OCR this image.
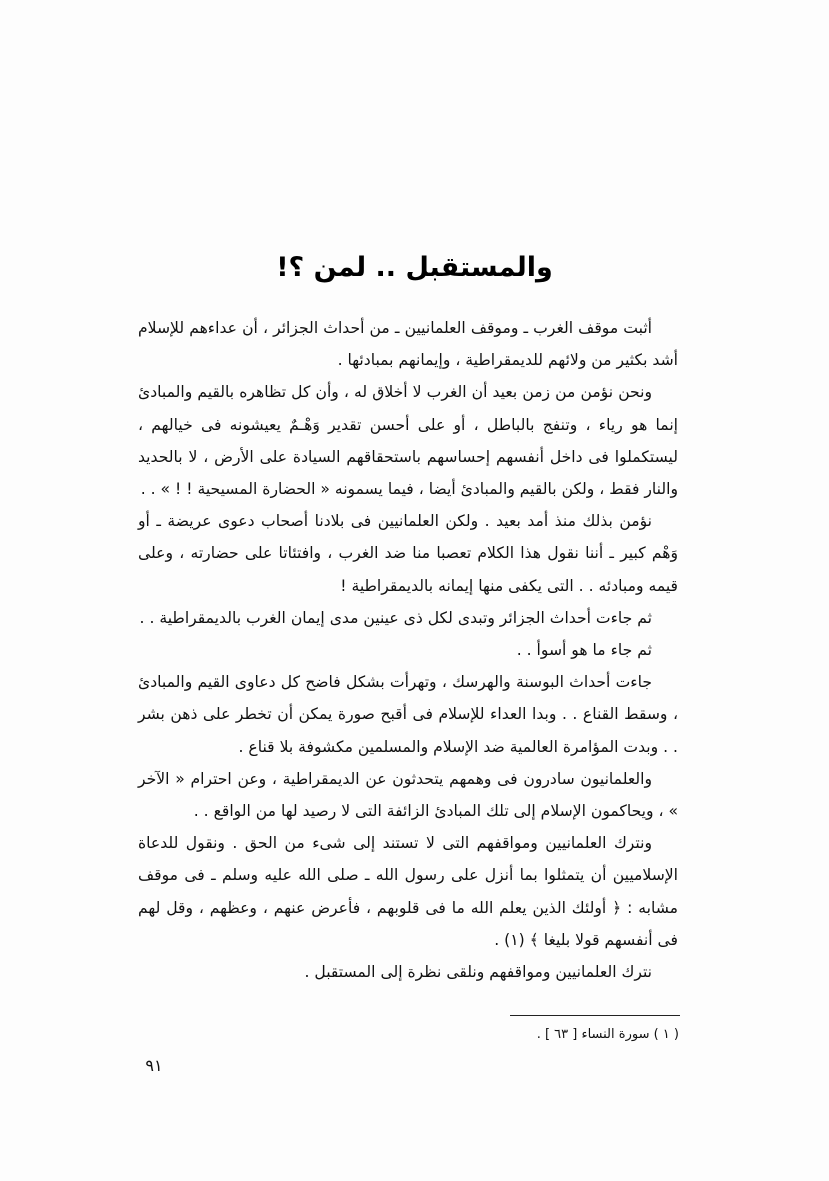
والمستقبل .. لمن ؟!

أثبت موقف الغرب ـ وموقف العلمانيين ـ من أحداث الجزائر ، أن عداءهم للإسلام أشد بكثير من ولائهم للديمقراطية ، وإيمانهم بمبادئها .

ونحن نؤمن من زمن بعيد أن الغرب لا أخلاق له ، وأن كل تظاهره بالقيم والمبادئ إنما هو رياء ، وتنفج بالباطل ، أو على أحسن تقدير وَهْـمٌ يعيشونه فى خيالهم ، ليستكملوا فى داخل أنفسهم إحساسهم باستحقاقهم السيادة على الأرض ، لا بالحديد والنار فقط ، ولكن بالقيم والمبادئ أيضا ، فيما يسمونه « الحضارة المسيحية ! ! » . .

نؤمن بذلك منذ أمد بعيد . ولكن العلمانيين فى بلادنا أصحاب دعوى عريضة ـ أو وَهْم كبير ـ أننا نقول هذا الكلام تعصبا منا ضد الغرب ، وافتئاتا على حضارته ، وعلى قيمه ومبادئه . . التى يكفى منها إيمانه بالديمقراطية !

ثم جاءت أحداث الجزائر وتبدى لكل ذى عينين مدى إيمان الغرب بالديمقراطية . .

ثم جاء ما هو أسوأ . .

جاءت أحداث البوسنة والهرسك ، وتهرأت بشكل فاضح كل دعاوى القيم والمبادئ ، وسقط القناع . . وبدا العداء للإسلام فى أقبح صورة يمكن أن تخطر على ذهن بشر . . وبدت المؤامرة العالمية ضد الإسلام والمسلمين مكشوفة بلا قناع .

والعلمانيون سادرون فى وهمهم يتحدثون عن الديمقراطية ، وعن احترام « الآخر » ، ويحاكمون الإسلام إلى تلك المبادئ الزائفة التى لا رصيد لها من الواقع . .

ونترك العلمانيين ومواقفهم التى لا تستند إلى شىء من الحق . ونقول للدعاة الإسلاميين أن يتمثلوا بما أنزل على رسول الله ـ صلى الله عليه وسلم ـ فى موقف مشابه : ﴿ أولئك الذين يعلم الله ما فى قلوبهم ، فأعرض عنهم ، وعظهم ، وقل لهم فى أنفسهم قولا بليغا ﴾ (١) .

نترك العلمانيين ومواقفهم ونلقى نظرة إلى المستقبل .

( ١ ) سورة النساء [ ٦٣ ] .
٩١
